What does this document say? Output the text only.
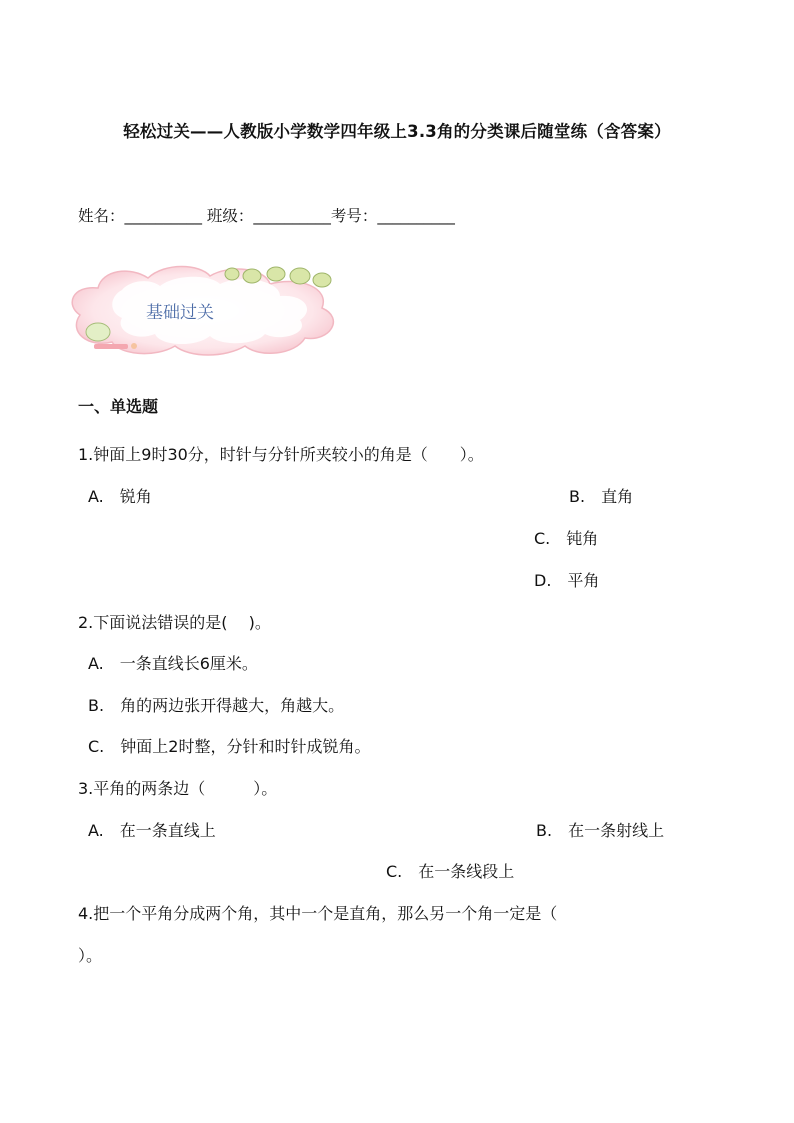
轻松过关——人教版小学数学四年级上3.3角的分类课后随堂练（含答案）
姓名：__________ 班级：__________考号：__________
基础过关
一、单选题
1.钟面上9时30分，时针与分针所夹较小的角是（　　）。
A.　锐角	B.　直角
C.　钝角
D.　平角
2.下面说法错误的是(　 )。
A.　一条直线长6厘米。
B.　角的两边张开得越大，角越大。
C.　钟面上2时整，分针和时针成锐角。
3.平角的两条边（　　　）。
A.　在一条直线上	B.　在一条射线上
C.　在一条线段上
4.把一个平角分成两个角，其中一个是直角，那么另一个角一定是（
）。
